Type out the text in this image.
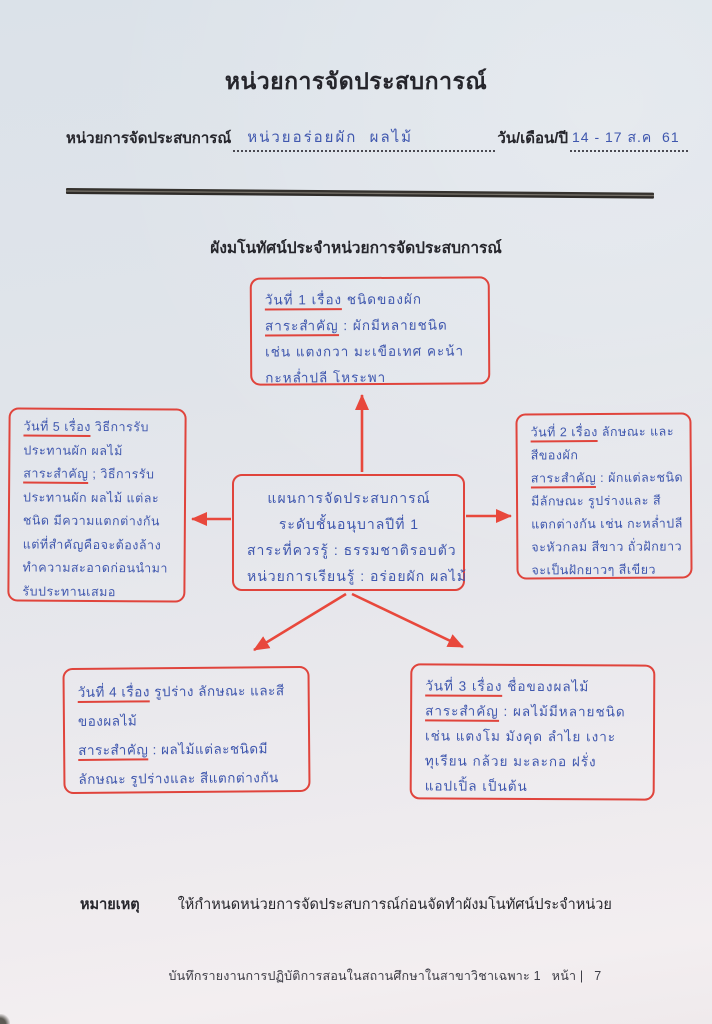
หน่วยการจัดประสบการณ์
หน่วยการจัดประสบการณ์ หน่วยอร่อยผัก  ผลไม้	วัน/เดือน/ปี 14 - 17 ส.ค  61
ผังมโนทัศน์ประจำหน่วยการจัดประสบการณ์
วันที่ 1 เรื่อง ชนิดของผัก
สาระสำคัญ : ผักมีหลายชนิด
เช่น แตงกวา มะเขือเทศ คะน้า
กะหล่ำปลี โหระพา
วันที่ 5 เรื่อง วิธีการรับ
ประทานผัก ผลไม้
สาระสำคัญ ; วิธีการรับ
ประทานผัก ผลไม้ แต่ละ
ชนิด มีความแตกต่างกัน
แต่ที่สำคัญคือจะต้องล้าง
ทำความสะอาดก่อนนำมา
รับประทานเสมอ
วันที่ 2 เรื่อง ลักษณะ และ
สีของผัก
สาระสำคัญ : ผักแต่ละชนิด
มีลักษณะ รูปร่างและ สี
แตกต่างกัน เช่น กะหล่ำปลี
จะหัวกลม สีขาว ถั่วฝักยาว
จะเป็นฝักยาวๆ สีเขียว
แผนการจัดประสบการณ์
ระดับชั้นอนุบาลปีที่ 1
สาระที่ควรรู้ : ธรรมชาติรอบตัว
หน่วยการเรียนรู้ : อร่อยผัก ผลไม้
วันที่ 4 เรื่อง รูปร่าง ลักษณะ และสี
ของผลไม้
สาระสำคัญ : ผลไม้แต่ละชนิดมี
ลักษณะ รูปร่างและ สีแตกต่างกัน
วันที่ 3 เรื่อง ชื่อของผลไม้
สาระสำคัญ : ผลไม้มีหลายชนิด
เช่น แตงโม มังคุด ลำไย เงาะ
ทุเรียน กล้วย มะละกอ ฝรั่ง
แอปเปิ้ล เป็นต้น
หมายเหตุ	ให้กำหนดหน่วยการจัดประสบการณ์ก่อนจัดทำผังมโนทัศน์ประจำหน่วย
บันทึกรายงานการปฏิบัติการสอนในสถานศึกษาในสาขาวิชาเฉพาะ 1   หน้า |   7
